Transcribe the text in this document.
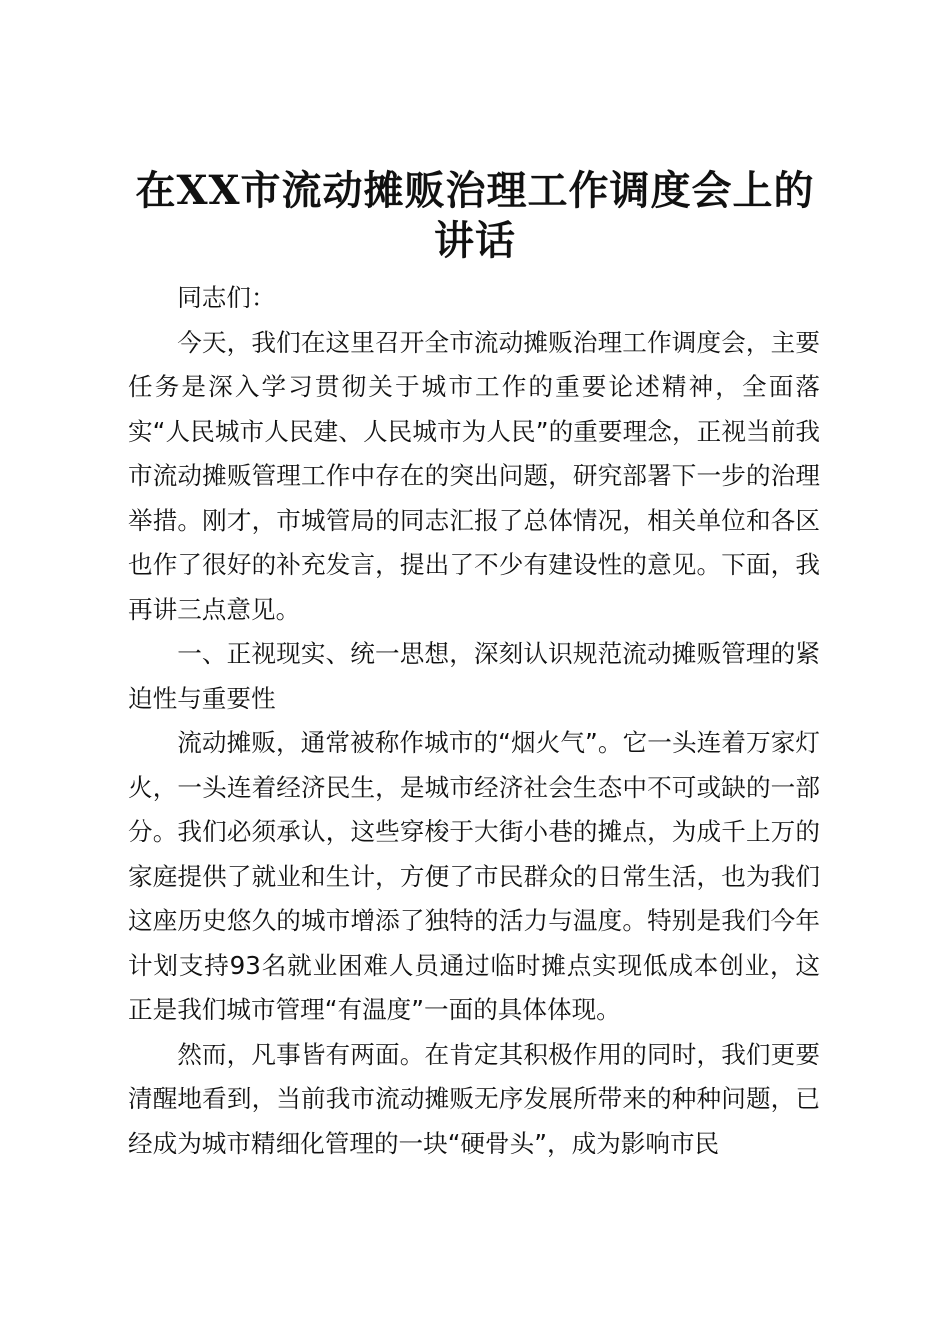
在XX市流动摊贩治理工作调度会上的
讲话

同志们：

今天，我们在这里召开全市流动摊贩治理工作调度会，主要任务是深入学习贯彻关于城市工作的重要论述精神，全面落实“人民城市人民建、人民城市为人民”的重要理念，正视当前我市流动摊贩管理工作中存在的突出问题，研究部署下一步的治理举措。刚才，市城管局的同志汇报了总体情况，相关单位和各区也作了很好的补充发言，提出了不少有建设性的意见。下面，我再讲三点意见。

一、正视现实、统一思想，深刻认识规范流动摊贩管理的紧迫性与重要性

流动摊贩，通常被称作城市的“烟火气”。它一头连着万家灯火，一头连着经济民生，是城市经济社会生态中不可或缺的一部分。我们必须承认，这些穿梭于大街小巷的摊点，为成千上万的家庭提供了就业和生计，方便了市民群众的日常生活，也为我们这座历史悠久的城市增添了独特的活力与温度。特别是我们今年计划支持93名就业困难人员通过临时摊点实现低成本创业，这正是我们城市管理“有温度”一面的具体体现。

然而，凡事皆有两面。在肯定其积极作用的同时，我们更要清醒地看到，当前我市流动摊贩无序发展所带来的种种问题，已经成为城市精细化管理的一块“硬骨头”，成为影响市民
